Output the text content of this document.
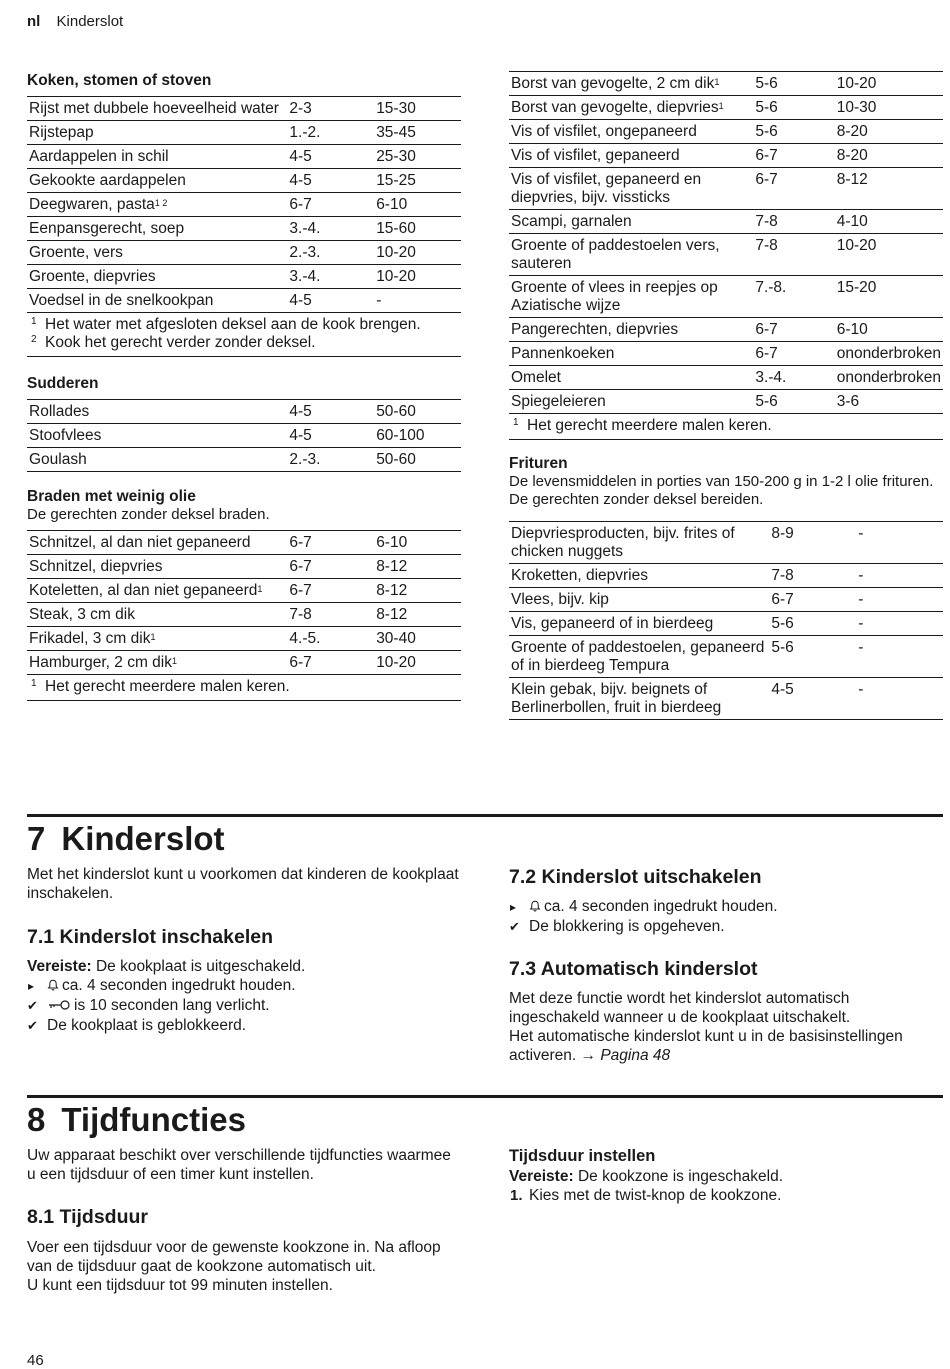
nl Kinderslot
Koken, stomen of stoven
Rijst met dubbele hoeveelheid water	2-3	15-30
Rijstepap	1.-2.	35-45
Aardappelen in schil	4-5	25-30
Gekookte aardappelen	4-5	15-25
Deegwaren, pasta$^{1 2}$	6-7	6-10
Eenpansgerecht, soep	3.-4.	15-60
Groente, vers	2.-3.	10-20
Groente, diepvries	3.-4.	10-20
Voedsel in de snelkookpan	4-5	-
1 Het water met afgesloten deksel aan de kook brengen.
2 Kook het gerecht verder zonder deksel.
Sudderen
Rollades	4-5	50-60
Stoofvlees	4-5	60-100
Goulash	2.-3.	50-60
Braden met weinig olie
De gerechten zonder deksel braden.
Schnitzel, al dan niet gepaneerd	6-7	6-10
Schnitzel, diepvries	6-7	8-12
Koteletten, al dan niet gepaneerd$^1$	6-7	8-12
Steak, 3 cm dik	7-8	8-12
Frikadel, 3 cm dik$^1$	4.-5.	30-40
Hamburger, 2 cm dik$^1$	6-7	10-20
1 Het gerecht meerdere malen keren.
Borst van gevogelte, 2 cm dik$^1$	5-6	10-20
Borst van gevogelte, diepvries$^1$	5-6	10-30
Vis of visfilet, ongepaneerd	5-6	8-20
Vis of visfilet, gepaneerd	6-7	8-20
Vis of visfilet, gepaneerd en diepvries, bijv. vissticks	6-7	8-12
Scampi, garnalen	7-8	4-10
Groente of paddestoelen vers, sauteren	7-8	10-20
Groente of vlees in reepjes op Aziatische wijze	7.-8.	15-20
Pangerechten, diepvries	6-7	6-10
Pannenkoeken	6-7	ononderbroken
Omelet	3.-4.	ononderbroken
Spiegeleieren	5-6	3-6
1 Het gerecht meerdere malen keren.
Frituren
De levensmiddelen in porties van 150-200 g in 1-2 l olie frituren. De gerechten zonder deksel bereiden.
Diepvriesproducten, bijv. frites of chicken nuggets	8-9	-
Kroketten, diepvries	7-8	-
Vlees, bijv. kip	6-7	-
Vis, gepaneerd of in bierdeeg	5-6	-
Groente of paddestoelen, gepaneerd of in bierdeeg Tempura	5-6	-
Klein gebak, bijv. beignets of Berlinerbollen, fruit in bierdeeg	4-5	-
7 Kinderslot

Met het kinderslot kunt u voorkomen dat kinderen de kookplaat inschakelen.

7.1 Kinderslot inschakelen

Vereiste: De kookplaat is uitgeschakeld.

▸ ca. 4 seconden ingedrukt houden.
✔ is 10 seconden lang verlicht.
✔ De kookplaat is geblokkeerd.
7.2 Kinderslot uitschakelen
▸ ca. 4 seconden ingedrukt houden.
✔ De blokkering is opgeheven.
7.3 Automatisch kinderslot

Met deze functie wordt het kinderslot automatisch ingeschakeld wanneer u de kookplaat uitschakelt.

Het automatische kinderslot kunt u in de basisinstellingen activeren. → Pagina 48

8 Tijdfuncties

Uw apparaat beschikt over verschillende tijdfuncties waarmee u een tijdsduur of een timer kunt instellen.

8.1 Tijdsduur

Voer een tijdsduur voor de gewenste kookzone in. Na afloop van de tijdsduur gaat de kookzone automatisch uit.

U kunt een tijdsduur tot 99 minuten instellen.

Tijdsduur instellen

Vereiste: De kookzone is ingeschakeld.

1. Kies met de twist-knop de kookzone.
46
